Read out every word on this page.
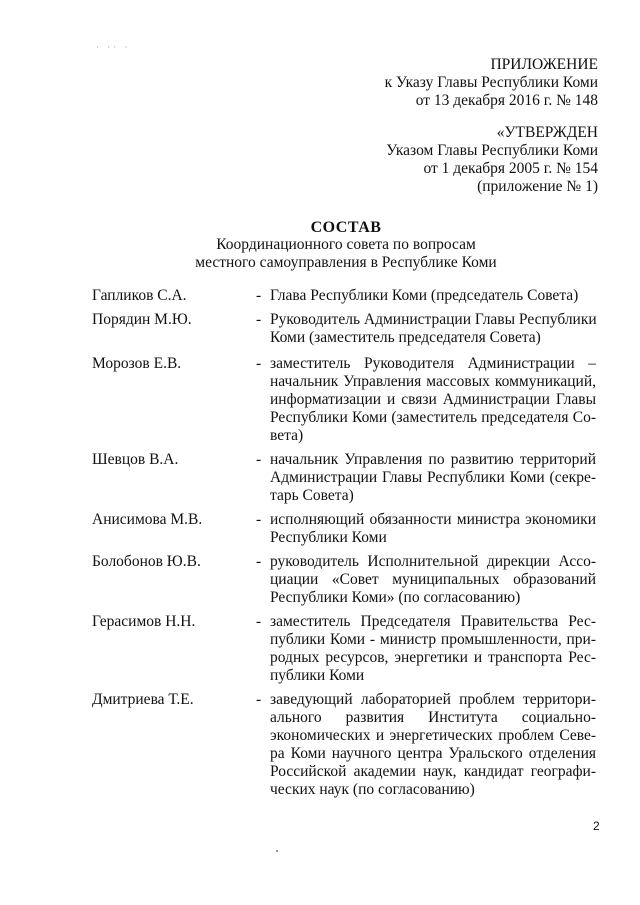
· ·· ·
ПРИЛОЖЕНИЕ
к Указу Главы Республики Коми
от 13 декабря 2016 г. № 148
«УТВЕРЖДЕН
Указом Главы Республики Коми
от 1 декабря 2005 г. № 154
(приложение № 1)
СОСТАВ
Координационного совета по вопросам
местного самоуправления в Республике Коми
Гапликов С.А.	- Глава Республики Коми (председатель Совета)
Порядин М.Ю.	- Руководитель Администрации Главы Республики
Коми (заместитель председателя Совета)
Морозов Е.В.	- заместитель Руководителя Администрации –
начальник Управления массовых коммуникаций,
информатизации и связи Администрации Главы
Республики Коми (заместитель председателя Со-
вета)
Шевцов В.А.	- начальник Управления по развитию территорий
Администрации Главы Республики Коми (секре-
тарь Совета)
Анисимова М.В.	- исполняющий обязанности министра экономики
Республики Коми
Болобонов Ю.В.	- руководитель Исполнительной дирекции Ассо-
циации «Совет муниципальных образований
Республики Коми» (по согласованию)
Герасимов Н.Н.	- заместитель Председателя Правительства Рес-
публики Коми - министр промышленности, при-
родных ресурсов, энергетики и транспорта Рес-
публики Коми
Дмитриева Т.Е.	- заведующий лабораторией проблем территори-
ального развития Института социально-
экономических и энергетических проблем Севе-
ра Коми научного центра Уральского отделения
Российской академии наук, кандидат географи-
ческих наук (по согласованию)
2
